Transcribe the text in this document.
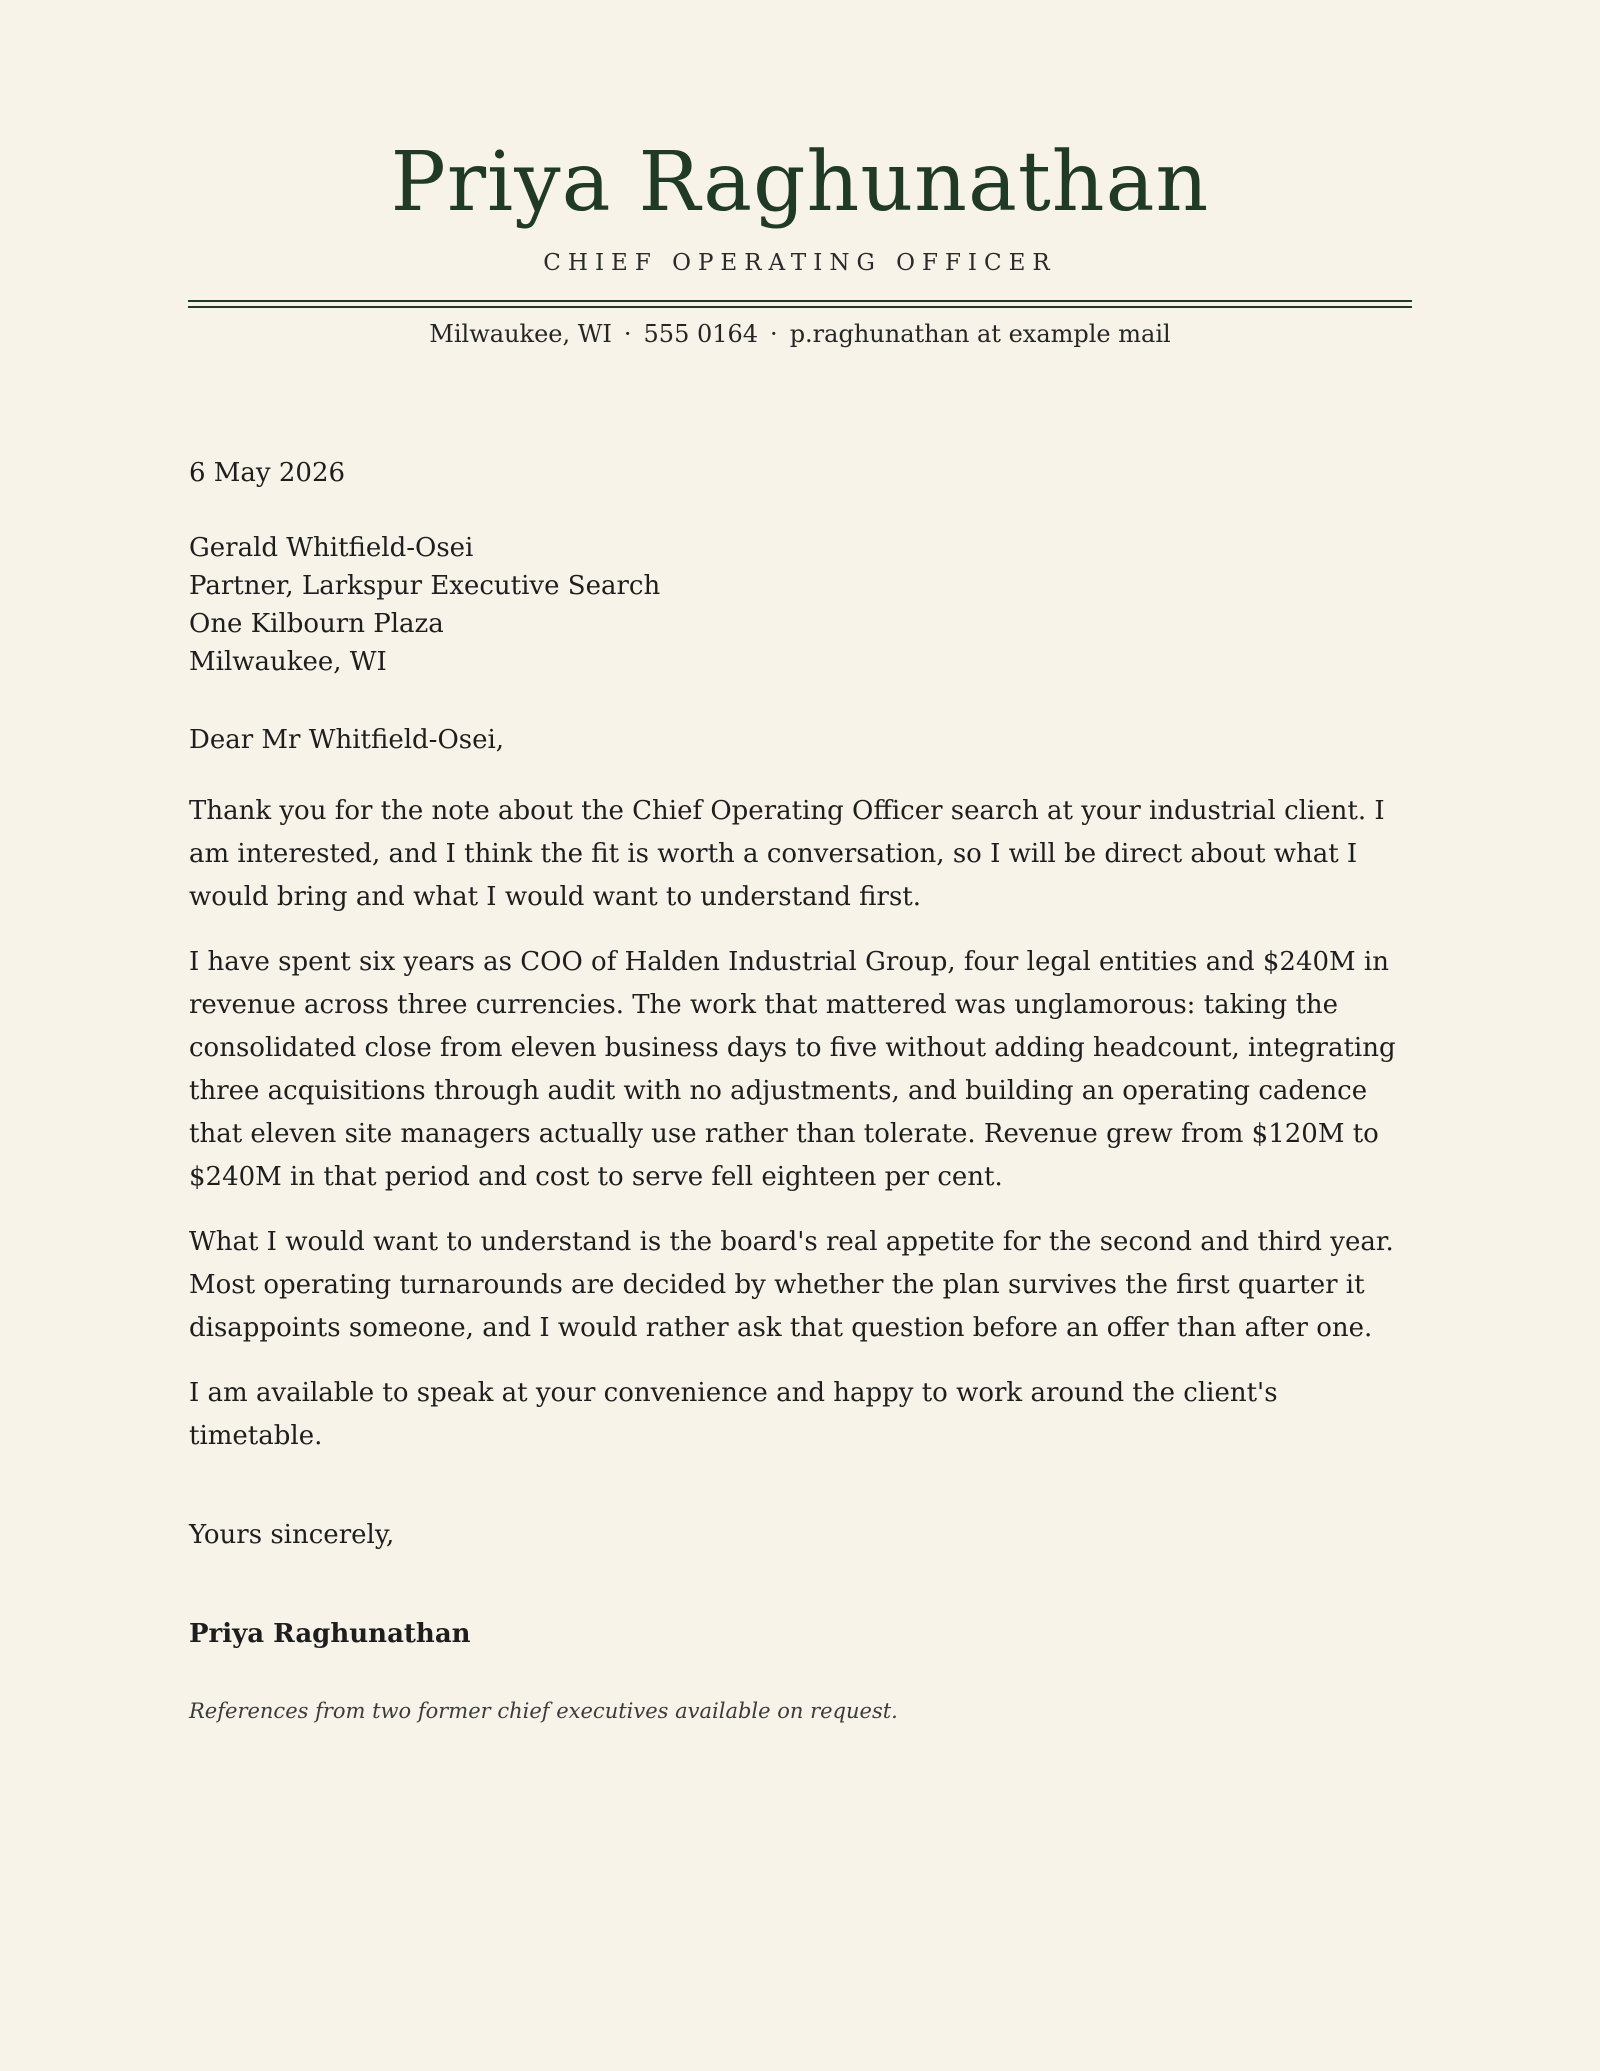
Priya Raghunathan
CHIEF OPERATING OFFICER
Milwaukee, WI · 555 0164 · p.raghunathan at example mail
6 May 2026
Gerald Whitfield-Osei
Partner, Larkspur Executive Search
One Kilbourn Plaza
Milwaukee, WI
Dear Mr Whitfield-Osei,

Thank you for the note about the Chief Operating Officer search at your industrial client. I am interested, and I think the fit is worth a conversation, so I will be direct about what I would bring and what I would want to understand first.

I have spent six years as COO of Halden Industrial Group, four legal entities and $240M in revenue across three currencies. The work that mattered was unglamorous: taking the consolidated close from eleven business days to five without adding headcount, integrating three acquisitions through audit with no adjustments, and building an operating cadence that eleven site managers actually use rather than tolerate. Revenue grew from $120M to $240M in that period and cost to serve fell eighteen per cent.

What I would want to understand is the board's real appetite for the second and third year. Most operating turnarounds are decided by whether the plan survives the first quarter it disappoints someone, and I would rather ask that question before an offer than after one.

I am available to speak at your convenience and happy to work around the client's timetable.

Yours sincerely,
Priya Raghunathan
References from two former chief executives available on request.
